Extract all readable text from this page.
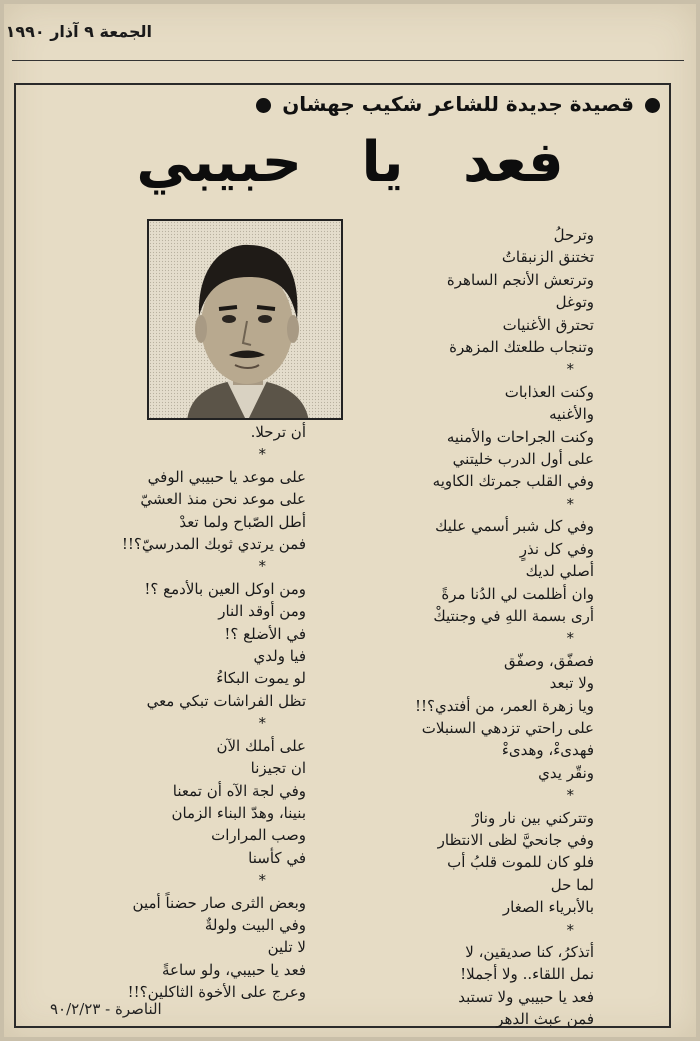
الجمعة ٩ آذار ١٩٩٠
قصيدة جديدة للشاعر شكيب جهشان
فعد يا حبيبي
وترحلُ
تختنق الزنبقاتُ
وترتعش الأنجم الساهرة
وتوغل
تحترق الأغنيات
وتنجاب طلعتك المزهرة
*
وكنت العذابات
والأغنيه
وكنت الجراحات والأمنيه
على أول الدرب خليتني
وفي القلب جمرتك الكاويه
*
وفي كل شبر أسمي عليك
وفي كل نذرٍ
أصلي لديك
وان أظلمت لي الدُنا مرةً
أرى بسمة اللهِ في وجنتيكْ
*
فصفّق، وصفّق
ولا تبعد
ويا زهرة العمر، من أفتدي؟!!
على راحتي تزدهي السنبلات
فهدىءْ، وهدىءْ
ونقّر يدي
*
وتتركني بين نار ونارْ
وفي جانحيَّ لظى الانتظار
فلو كان للموت قلبُ أب
لما حل
بالأبرياء الصغار
*
أتذكرُ، كنا صديقين، لا
نمل اللقاء.. ولا أجملا!
فعد يا حبيبي ولا تستبد
فمن عبث الدهر
أن ترحلا.
*
على موعد يا حبيبي الوفي
على موعد نحن منذ العشيّ
أطل الصّباح ولما تعدْ
فمن يرتدي ثوبك المدرسيّ؟!!
*
ومن اوكل العين بالأدمع ؟!
ومن أوقد النار
في الأضلع ؟!
فيا ولدي
لو يموت البكاءُ
تظل الفراشات تبكي معي
*
على أملك الآن
ان تجيزنا
وفي لجة الآه أن تمعنا
بنينا، وهدّ البناء الزمان
وصب المرارات
في كأسنا
*
وبعض الثرى صار حضناً أمين
وفي البيت ولولةٌ
لا تلين
فعد يا حبيبي، ولو ساعةً
وعرج على الأخوة الثاكلين؟!!
الناصرة - ٩٠/٢/٢٣
